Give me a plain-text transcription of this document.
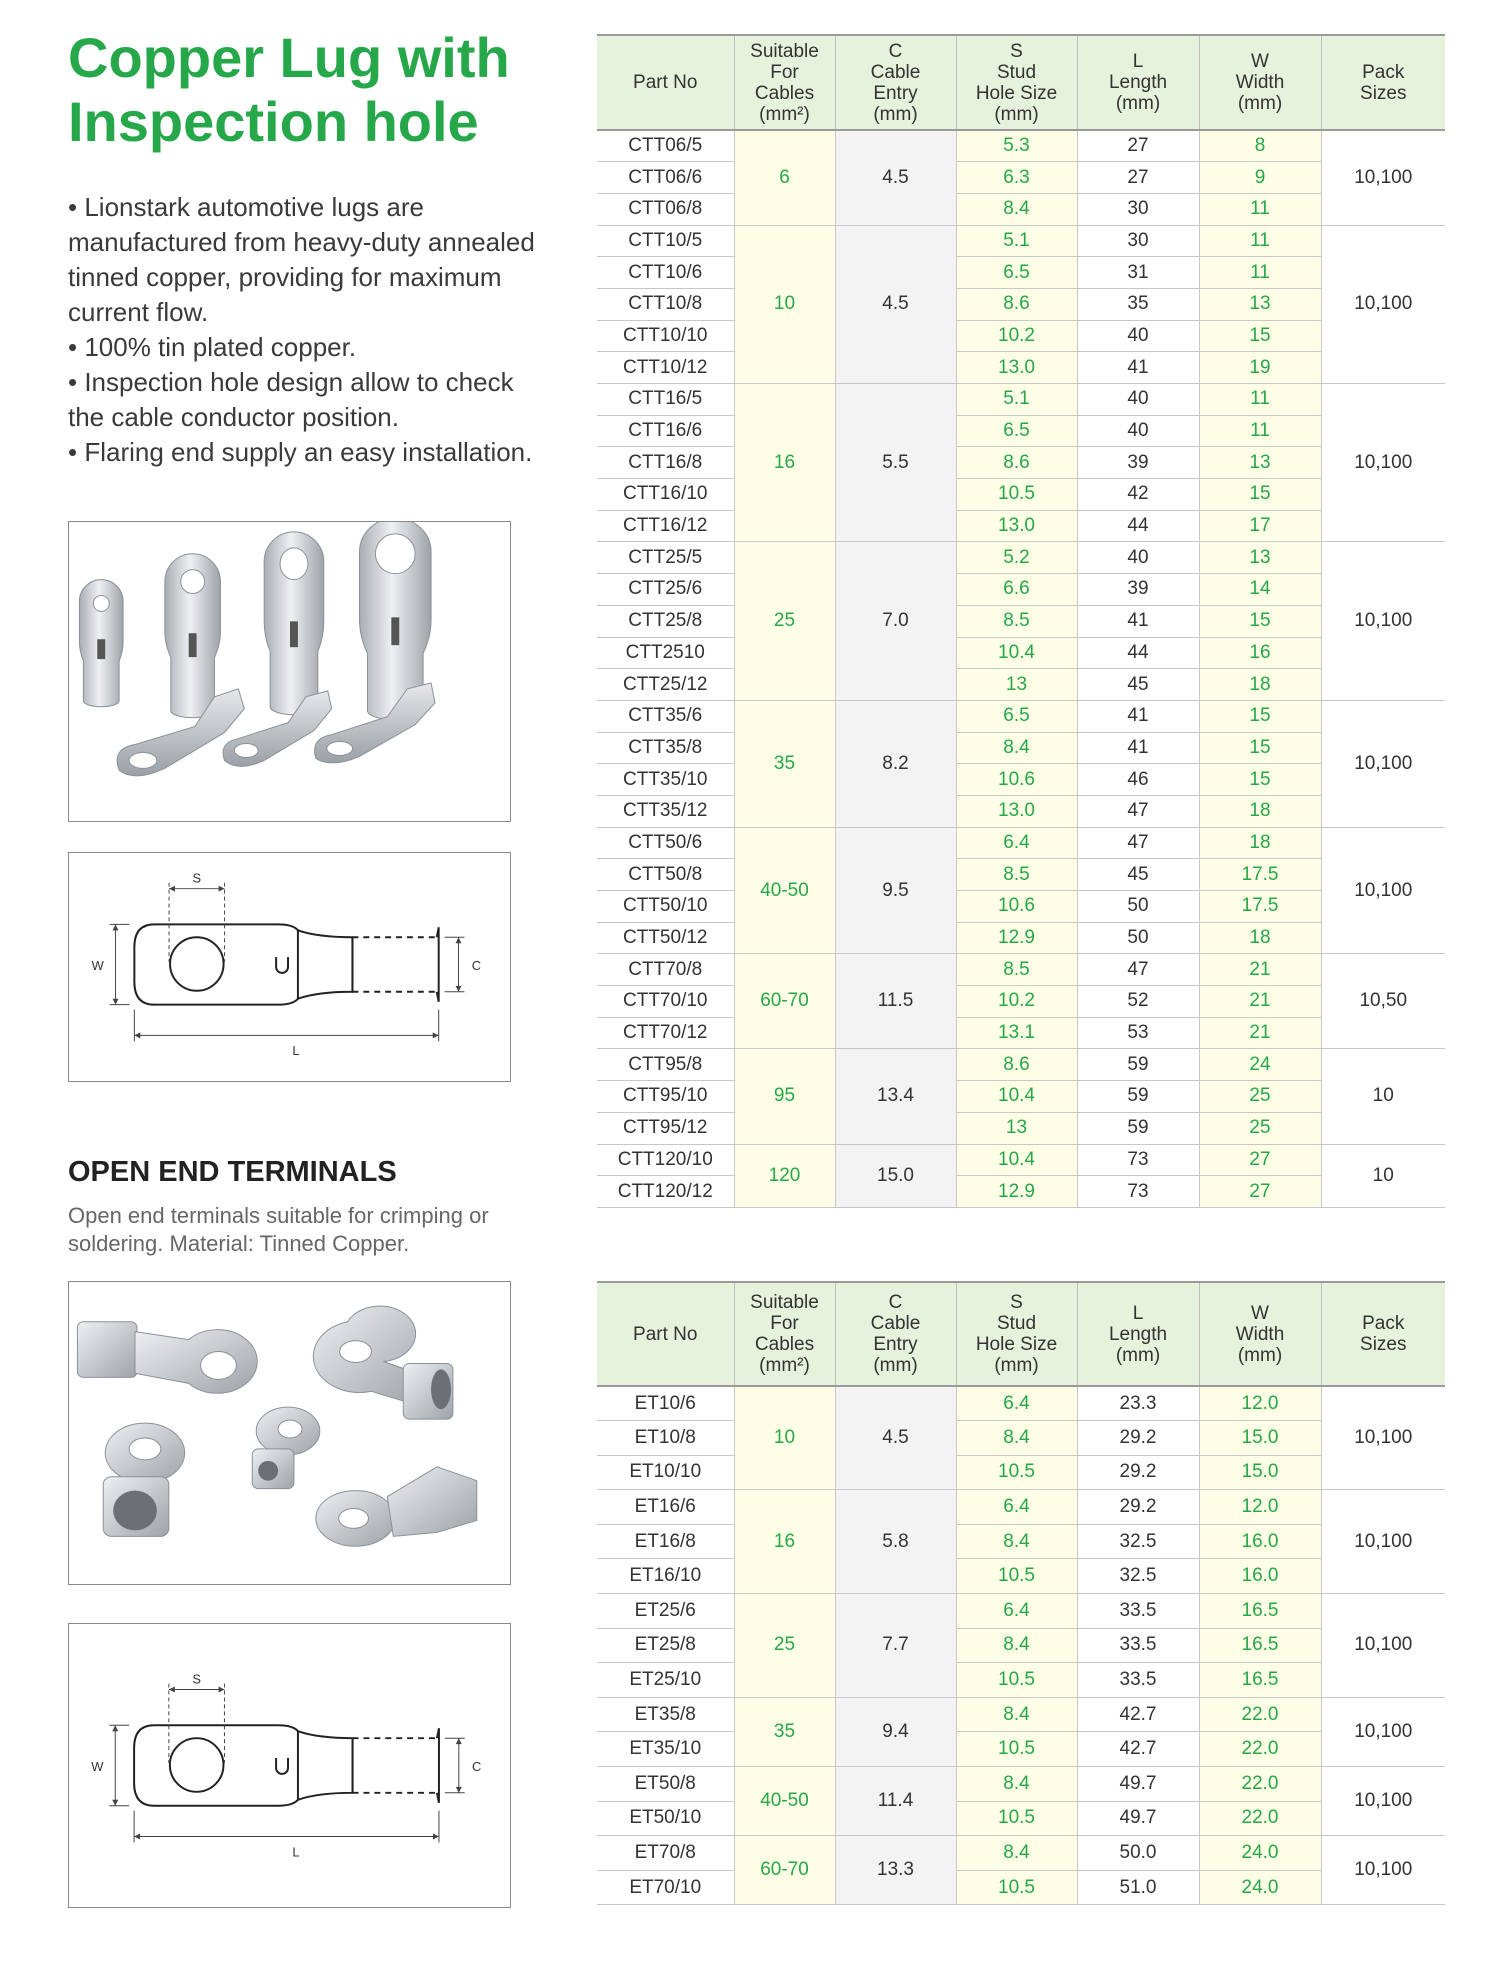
Copper Lug with
Inspection hole

• Lionstark automotive lugs are manufactured from heavy-duty annealed tinned copper, providing for maximum current flow.

• 100% tin plated copper.

• Inspection hole design allow to check the cable conductor position.

• Flaring end supply an easy installation.

S
W	C
L
OPEN END TERMINALS
Open end terminals suitable for crimping or soldering. Material: Tinned Copper.
S
W	C
L
Part No	Suitable
For
Cables
(mm²)	C
Cable
Entry
(mm)	S
Stud
Hole Size
(mm)	L
Length
(mm)	W
Width
(mm)	Pack
Sizes
CTT06/5	6	4.5	5.3	27	8	10,100
CTT06/6			6.3	27	9	
CTT06/8			8.4	30	11	
CTT10/5	10	4.5	5.1	30	11	10,100
CTT10/6			6.5	31	11	
CTT10/8			8.6	35	13	
CTT10/10			10.2	40	15	
CTT10/12			13.0	41	19	
CTT16/5	16	5.5	5.1	40	11	10,100
CTT16/6			6.5	40	11	
CTT16/8			8.6	39	13	
CTT16/10			10.5	42	15	
CTT16/12			13.0	44	17	
CTT25/5	25	7.0	5.2	40	13	10,100
CTT25/6			6.6	39	14	
CTT25/8			8.5	41	15	
CTT2510			10.4	44	16	
CTT25/12			13	45	18	
CTT35/6	35	8.2	6.5	41	15	10,100
CTT35/8			8.4	41	15	
CTT35/10			10.6	46	15	
CTT35/12			13.0	47	18	
CTT50/6	40-50	9.5	6.4	47	18	10,100
CTT50/8			8.5	45	17.5	
CTT50/10			10.6	50	17.5	
CTT50/12			12.9	50	18	
CTT70/8	60-70	11.5	8.5	47	21	10,50
CTT70/10			10.2	52	21	
CTT70/12			13.1	53	21	
CTT95/8	95	13.4	8.6	59	24	10
CTT95/10			10.4	59	25	
CTT95/12			13	59	25	
CTT120/10	120	15.0	10.4	73	27	10
CTT120/12			12.9	73	27	
Part No	Suitable
For
Cables
(mm²)	C
Cable
Entry
(mm)	S
Stud
Hole Size
(mm)	L
Length
(mm)	W
Width
(mm)	Pack
Sizes
ET10/6	10	4.5	6.4	23.3	12.0	10,100
ET10/8			8.4	29.2	15.0	
ET10/10			10.5	29.2	15.0	
ET16/6	16	5.8	6.4	29.2	12.0	10,100
ET16/8			8.4	32.5	16.0	
ET16/10			10.5	32.5	16.0	
ET25/6	25	7.7	6.4	33.5	16.5	10,100
ET25/8			8.4	33.5	16.5	
ET25/10			10.5	33.5	16.5	
ET35/8	35	9.4	8.4	42.7	22.0	10,100
ET35/10			10.5	42.7	22.0	
ET50/8	40-50	11.4	8.4	49.7	22.0	10,100
ET50/10			10.5	49.7	22.0	
ET70/8	60-70	13.3	8.4	50.0	24.0	10,100
ET70/10			10.5	51.0	24.0	
